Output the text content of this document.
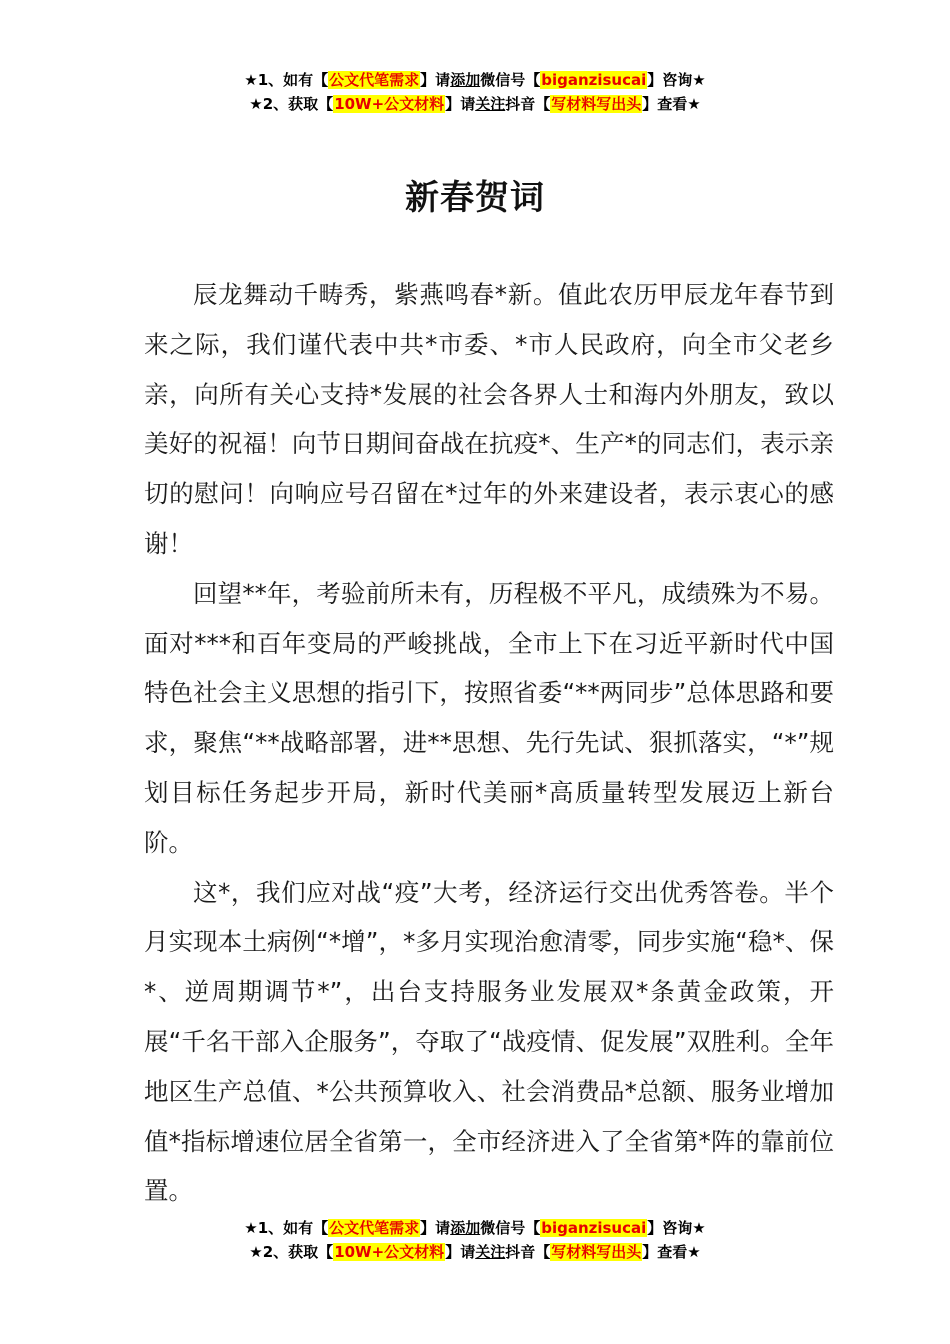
★1、如有【公文代笔需求】请添加微信号【biganzisucai】咨询★
★2、获取【10W+公文材料】请关注抖音【写材料写出头】查看★
新春贺词

辰龙舞动千畴秀，紫燕鸣春*新。值此农历甲辰龙年春节到来之际，我们谨代表中共*市委、*市人民政府，向全市父老乡亲，向所有关心支持*发展的社会各界人士和海内外朋友，致以美好的祝福！向节日期间奋战在抗疫*、生产*的同志们，表示亲切的慰问！向响应号召留在*过年的外来建设者，表示衷心的感谢！

回望**年，考验前所未有，历程极不平凡，成绩殊为不易。面对***和百年变局的严峻挑战，全市上下在习近平新时代中国特色社会主义思想的指引下，按照省委“**两同步”总体思路和要求，聚焦“**战略部署，进**思想、先行先试、狠抓落实，“*”规划目标任务起步开局，新时代美丽*高质量转型发展迈上新台阶。

这*，我们应对战“疫”大考，经济运行交出优秀答卷。半个月实现本土病例“*增”，*多月实现治愈清零，同步实施“稳*、保*、逆周期调节*”，出台支持服务业发展双*条黄金政策，开展“千名干部入企服务”，夺取了“战疫情、促发展”双胜利。全年地区生产总值、*公共预算收入、社会消费品*总额、服务业增加值*指标增速位居全省第一，全市经济进入了全省第*阵的靠前位置。

★1、如有【公文代笔需求】请添加微信号【biganzisucai】咨询★
★2、获取【10W+公文材料】请关注抖音【写材料写出头】查看★
